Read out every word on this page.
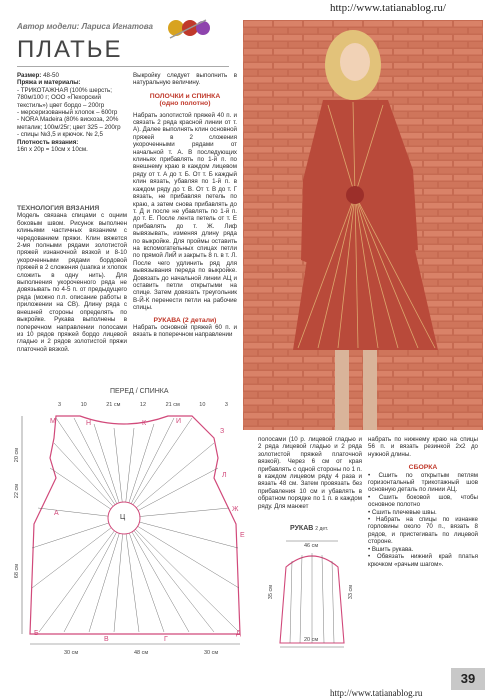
Автор модели: Лариса Игнатова
ПЛАТЬЕ
http://www.tatianablog.ru/

Размер: 48-50

Пряжа и материалы:

- ТРИКОТАЖНАЯ (100% шерсть; 780м/100 г; ООО «Пехорский текстиль») цвет бордо – 200гр

- мерсеризованный хлопок – 600гр

- NORA Madeira (80% вискоза, 20% металик; 100м/25г; цвет 325 – 200гр

- спицы №3,5 и крючок. № 2,5

Плотность вязания:

16п х 20р = 10см х 10см.

ТЕХНОЛОГИЯ ВЯЗАНИЯ

Модель связана спицами с оцним боковым швом. Рисунок выполнен клиньями частичных вязанием с чередованием пряжи. Клин вяжется 2-мя полными рядами золотистой пряжей изнаночной вязкой и 8-10 укороченными рядами бордовой пряжей в 2 сложения (шапка и хлопок сложить в одну нить). Для выполнения укороченного ряда не довязывать по 4-5 п. от предыдущего ряда (можно п.п. описание работы в приложении на СВ). Длину ряда с внешней стороны определять по выкройке. Рукава выполнены в поперечном направлении полосами из 10 рядов пряжей бордо лицевой гладью и 2 рядов золотистой пряжи платочной вязкой.

Выкройку следует выполнить в натуральную величину.

ПОЛОЧКИ и СПИНКА

(одно полотно)

Набрать золотистой пряжей 40 п. и связать 2 ряда красной линии от т. А). Далее выполнять клин основной пряжей в 2 сложения укороченными рядами от начальной т. А. В последующих клиньях прибавлять по 1-й п. по внешнему краю в каждом лицевом ряду от т. А до т. Б. От т. Б каждый клин вязать, убавляя по 1-й п. в каждом ряду до т. В. От т. В до т. Г вязать, не прибавляя петель по краю, а затем снова прибавлять до т. Д и после не убавлять по 1-й п. до т. Е. После лента петель от т. Е прибавлять до т. Ж. Лиф вывязывать, изменяя длину ряда по выкройке. Для проймы оставить на вспомогательных спицах петли по прямой ЛиЙ и закрыть 8 п. в т. Л. После чего удлинить ряд для вывязывания переда по выкройке. Довязать до начальной линии АЦ и оставить петли открытыми на спице. Затем довязать треугольник В-Й-К перенести петли на рабочие спицы.

РУКАВА (2 детали)

Набрать основной пряжей 60 п. и вязать в поперечном направлении

ПЕРЕД / СПИНКА
3	10	21 см	12	21 см	10	3
М	Н	К	И
З
Л
Ж
А
Ц
Е
Б
В	Г
Д
20 см
22 см
68 см
30 см	48 см	30 см

полосами (10 р. лицевой гладью и 2 ряда лицевой гладью и 2 ряда золотистой пряжей платочной вязкой). Через 6 см от края прибавлять с одной стороны по 1 п. в каждом лицевом ряду 4 раза и вязать 48 см. Затем провязать без прибавления 10 см и убавлять в обратном порядке по 1 п. в каждом ряду. Для манжет

набрать по нижнему краю на спицы 56 п. и вязать резинкой 2х2 до нужной длины.

СБОРКА

• Сшить по открытым петлям горизонтальный трикотажный шов основную деталь по линии АЦ.

• Сшить боковой шов, чтобы основное полотно

• Сшить плечевые швы.

• Набрать на спицы по изнанке горловины около 70 п., вязать 8 рядов, и пристегивать по лицевой стороне.

• Вшить рукава.

• Обвязать нижний край платья крючком «рачьим шагом».

РУКАВ 2 дет.
46 см
20 см
35 см	33 см
39
http://www.tatianablog.ru
